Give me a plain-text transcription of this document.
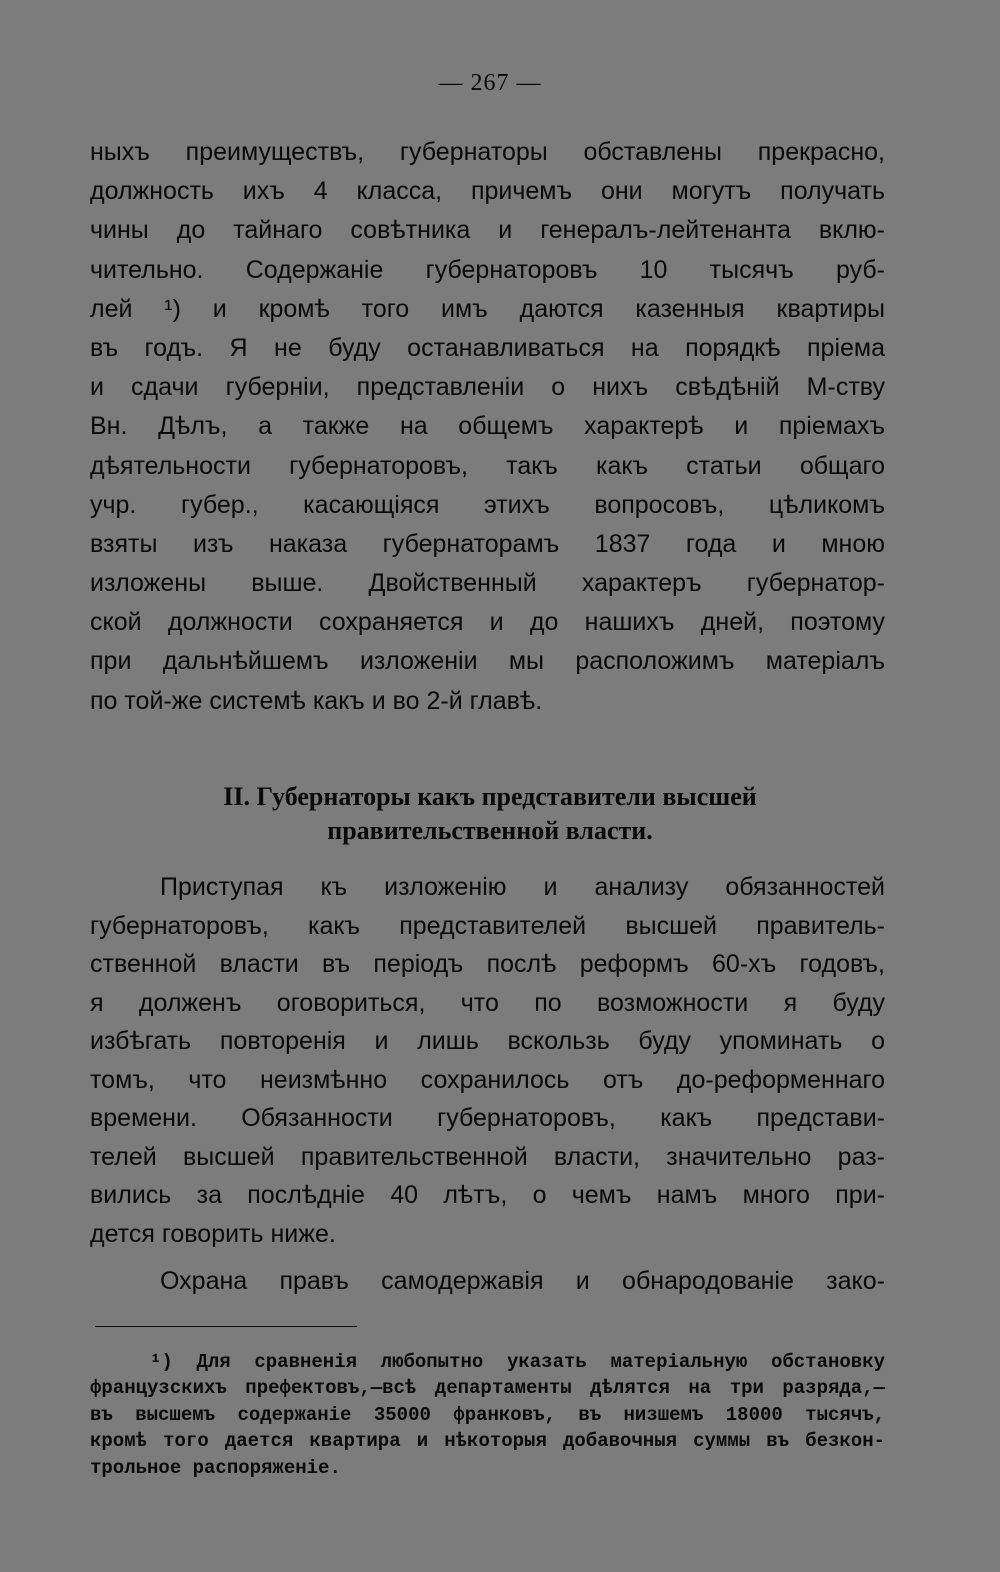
— 267 —
ныхъ преимуществъ, губернаторы обставлены прекрасно,
должность ихъ 4 класса, причемъ они могутъ получать
чины до тайнаго совѣтника и генералъ-лейтенанта вклю-
чительно. Содержаніе губернаторовъ 10 тысячъ руб-
лей ¹) и кромѣ того имъ даются казенныя квартиры
въ годъ. Я не буду останавливаться на порядкѣ пріема
и сдачи губерніи, представленіи о нихъ свѣдѣній М-ству
Вн. Дѣлъ, а также на общемъ характерѣ и пріемахъ
дѣятельности губернаторовъ, такъ какъ статьи общаго
учр. губер., касающіяся этихъ вопросовъ, цѣликомъ
взяты изъ наказа губернаторамъ 1837 года и мною
изложены выше. Двойственный характеръ губернатор-
ской должности сохраняется и до нашихъ дней, поэтому
при дальнѣйшемъ изложеніи мы расположимъ матеріалъ
по той-же системѣ какъ и во 2-й главѣ.
II. Губернаторы какъ представители высшей
правительственной власти.
Приступая къ изложенію и анализу обязанностей
губернаторовъ, какъ представителей высшей правитель-
ственной власти въ періодъ послѣ реформъ 60-хъ годовъ,
я долженъ оговориться, что по возможности я буду
избѣгать повторенія и лишь вскользь буду упоминать о
томъ, что неизмѣнно сохранилось отъ до-реформеннаго
времени. Обязанности губернаторовъ, какъ представи-
телей высшей правительственной власти, значительно раз-
вились за послѣдніе 40 лѣтъ, о чемъ намъ много при-
дется говорить ниже.
Охрана правъ самодержавія и обнародованіе зако-
¹) Для сравненія любопытно указать матеріальную обстановку
французскихъ префектовъ,—всѣ департаменты дѣлятся на три разряда,—
въ высшемъ содержаніе 35000 франковъ, въ низшемъ 18000 тысячъ,
кромѣ того дается квартира и нѣкоторыя добавочныя суммы въ безкон-
трольное распоряженіе.
